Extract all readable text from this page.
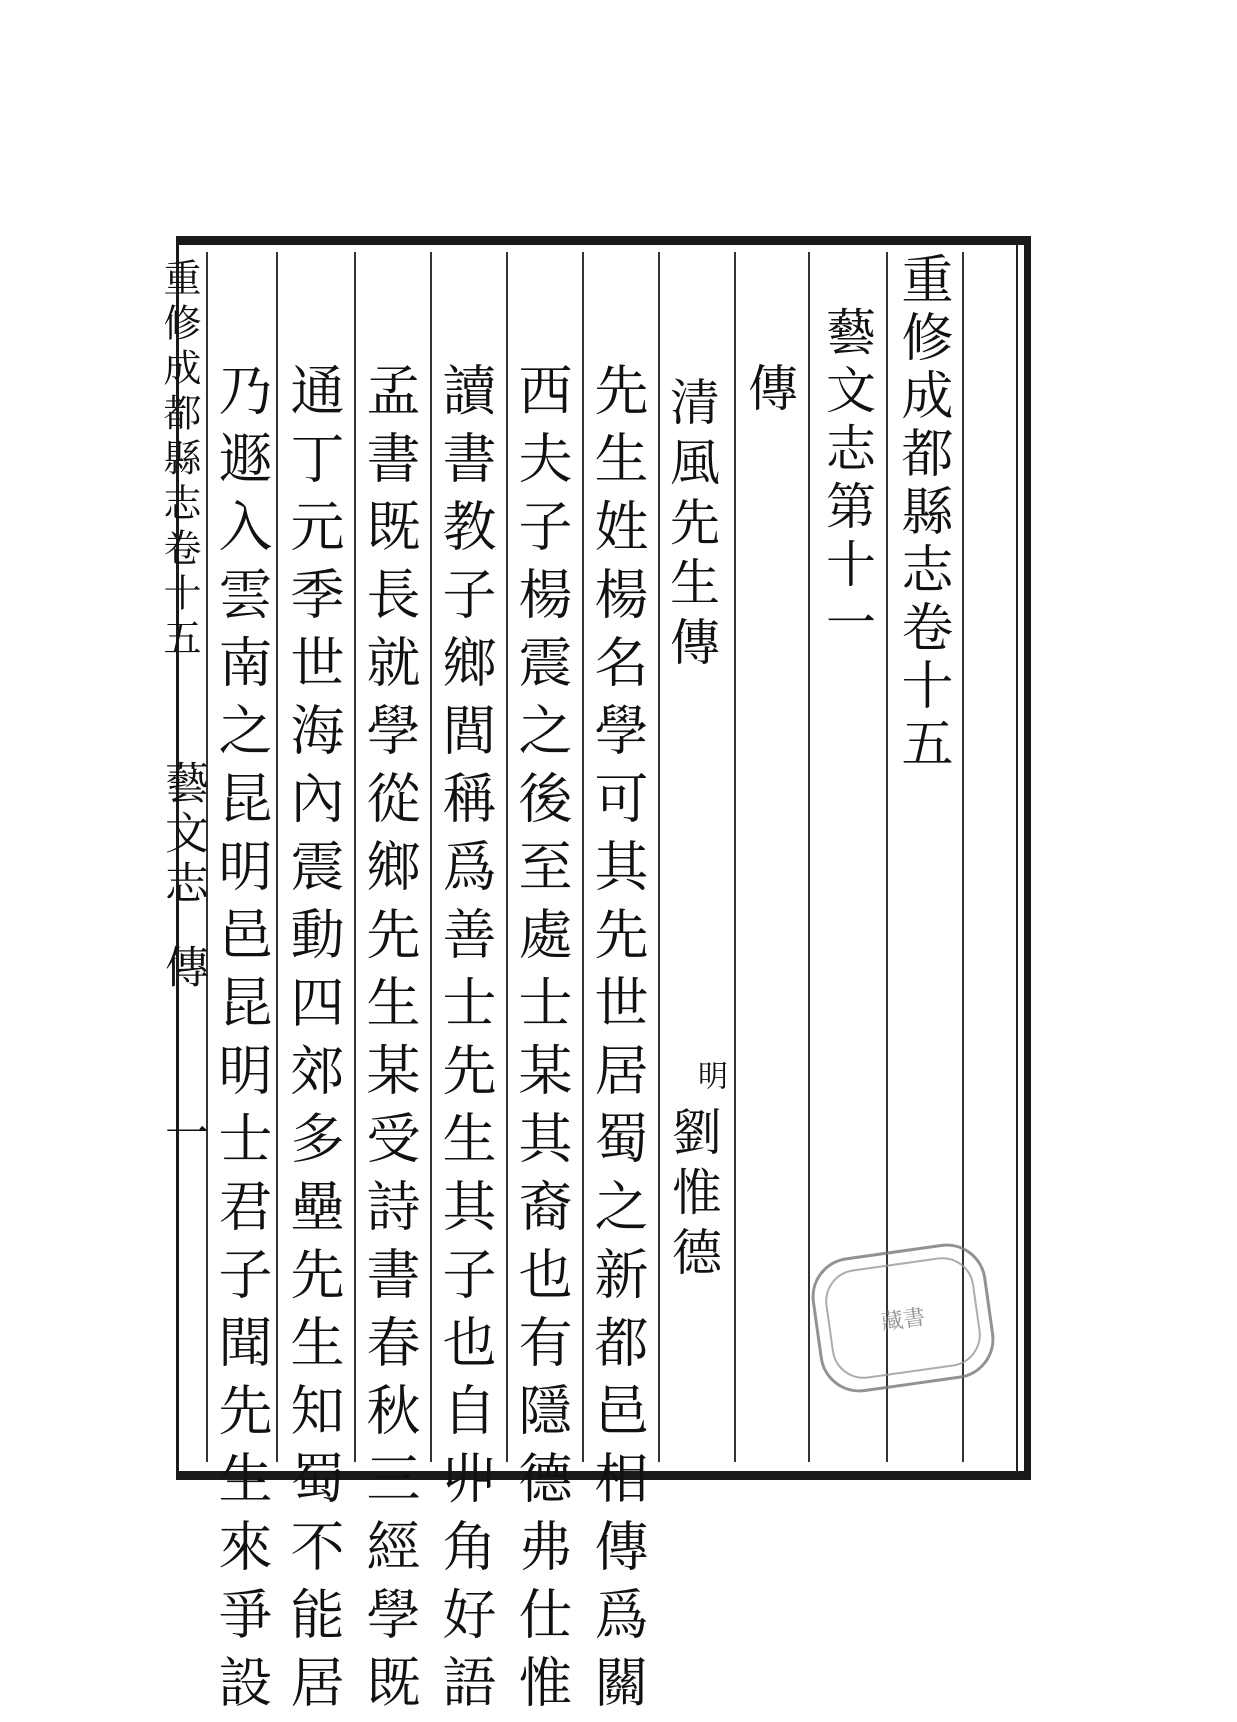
重修成都縣志卷十五
藝文志第十一
傳
清風先生傳
明
劉惟德
先生姓楊名學可其先世居蜀之新都邑相傳爲關
西夫子楊震之後至處士某其裔也有隱德弗仕惟
讀書教子鄉閭稱爲善士先生其子也自丱角好語
孟書既長就學從鄉先生某受詩書春秋三經學既
通丁元季世海內震動四郊多壘先生知蜀不能居
乃遯入雲南之昆明邑昆明士君子聞先生來爭設
重修成都縣志卷十五
藝文志
傳
一
藏書
